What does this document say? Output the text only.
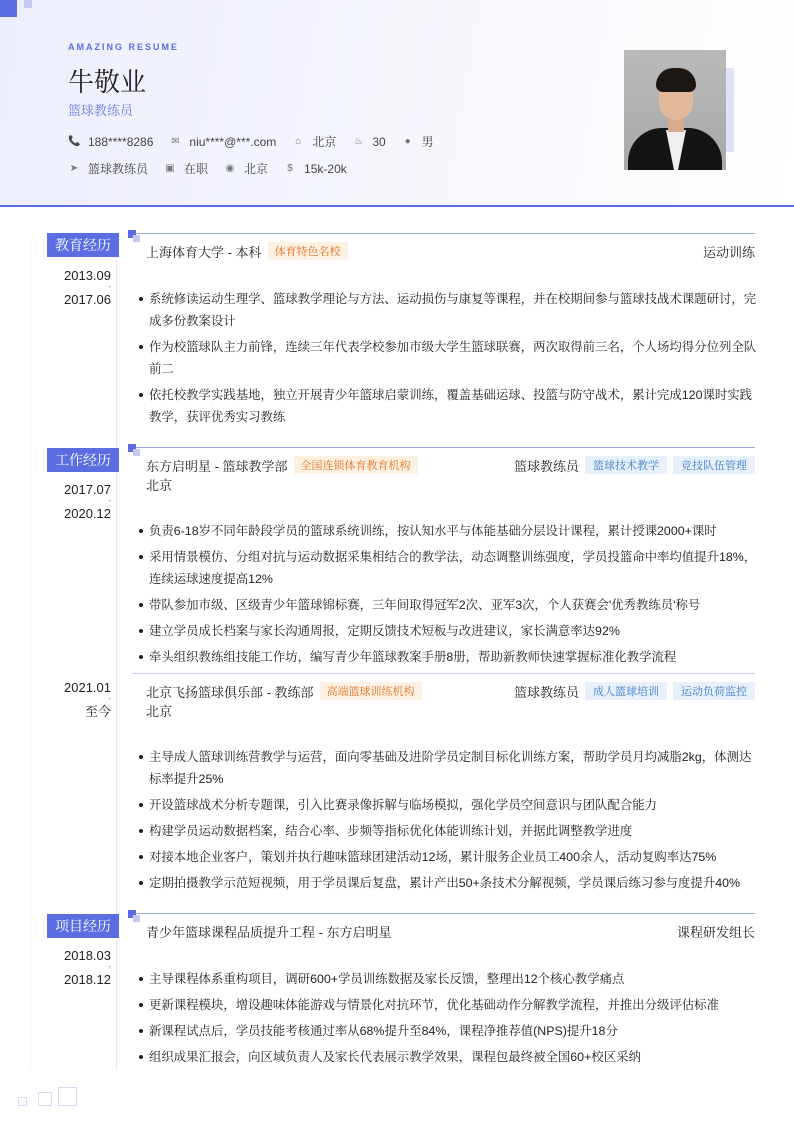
AMAZING RESUME
牛敬业
篮球教练员
📞 188****8286 ✉ niu****@***.com ⌂ 北京 ♨ 30 ● 男
➤ 篮球教练员 ▣ 在职 ◉ 北京	$ 15k-20k
教育经历
2013.09
-
2017.06
上海体育大学 - 本科	体育特色名校	运动训练
系统修读运动生理学、篮球教学理论与方法、运动损伤与康复等课程，并在校期间参与篮球技战术课题研讨，完成多份教案设计
作为校篮球队主力前锋，连续三年代表学校参加市级大学生篮球联赛，两次取得前三名，个人场均得分位列全队前二
依托校教学实践基地，独立开展青少年篮球启蒙训练，覆盖基础运球、投篮与防守战术，累计完成120课时实践教学，获评优秀实习教练
工作经历
2017.07
-
2020.12
东方启明星 - 篮球教学部	全国连锁体育教育机构	篮球教练员	篮球技术教学	竞技队伍管理
北京
负责6-18岁不同年龄段学员的篮球系统训练，按认知水平与体能基础分层设计课程，累计授课2000+课时
采用情景模仿、分组对抗与运动数据采集相结合的教学法，动态调整训练强度，学员投篮命中率均值提升18%，连续运球速度提高12%
带队参加市级、区级青少年篮球锦标赛，三年间取得冠军2次、亚军3次，个人获赛会'优秀教练员'称号
建立学员成长档案与家长沟通周报，定期反馈技术短板与改进建议，家长满意率达92%
牵头组织教练组技能工作坊，编写青少年篮球教案手册8册，帮助新教师快速掌握标准化教学流程
2021.01
-
至今
北京飞扬篮球俱乐部 - 教练部	高端篮球训练机构	篮球教练员	成人篮球培训	运动负荷监控
北京
主导成人篮球训练营教学与运营，面向零基础及进阶学员定制目标化训练方案，帮助学员月均减脂2kg，体测达标率提升25%
开设篮球战术分析专题课，引入比赛录像拆解与临场模拟，强化学员空间意识与团队配合能力
构建学员运动数据档案，结合心率、步频等指标优化体能训练计划，并据此调整教学进度
对接本地企业客户，策划并执行趣味篮球团建活动12场，累计服务企业员工400余人，活动复购率达75%
定期拍摄教学示范短视频，用于学员课后复盘，累计产出50+条技术分解视频，学员课后练习参与度提升40%
项目经历
2018.03
-
2018.12
青少年篮球课程品质提升工程 - 东方启明星	课程研发组长
主导课程体系重构项目，调研600+学员训练数据及家长反馈，整理出12个核心教学痛点
更新课程模块，增设趣味体能游戏与情景化对抗环节，优化基础动作分解教学流程，并推出分级评估标准
新课程试点后，学员技能考核通过率从68%提升至84%，课程净推荐值(NPS)提升18分
组织成果汇报会，向区域负责人及家长代表展示教学效果，课程包最终被全国60+校区采纳
